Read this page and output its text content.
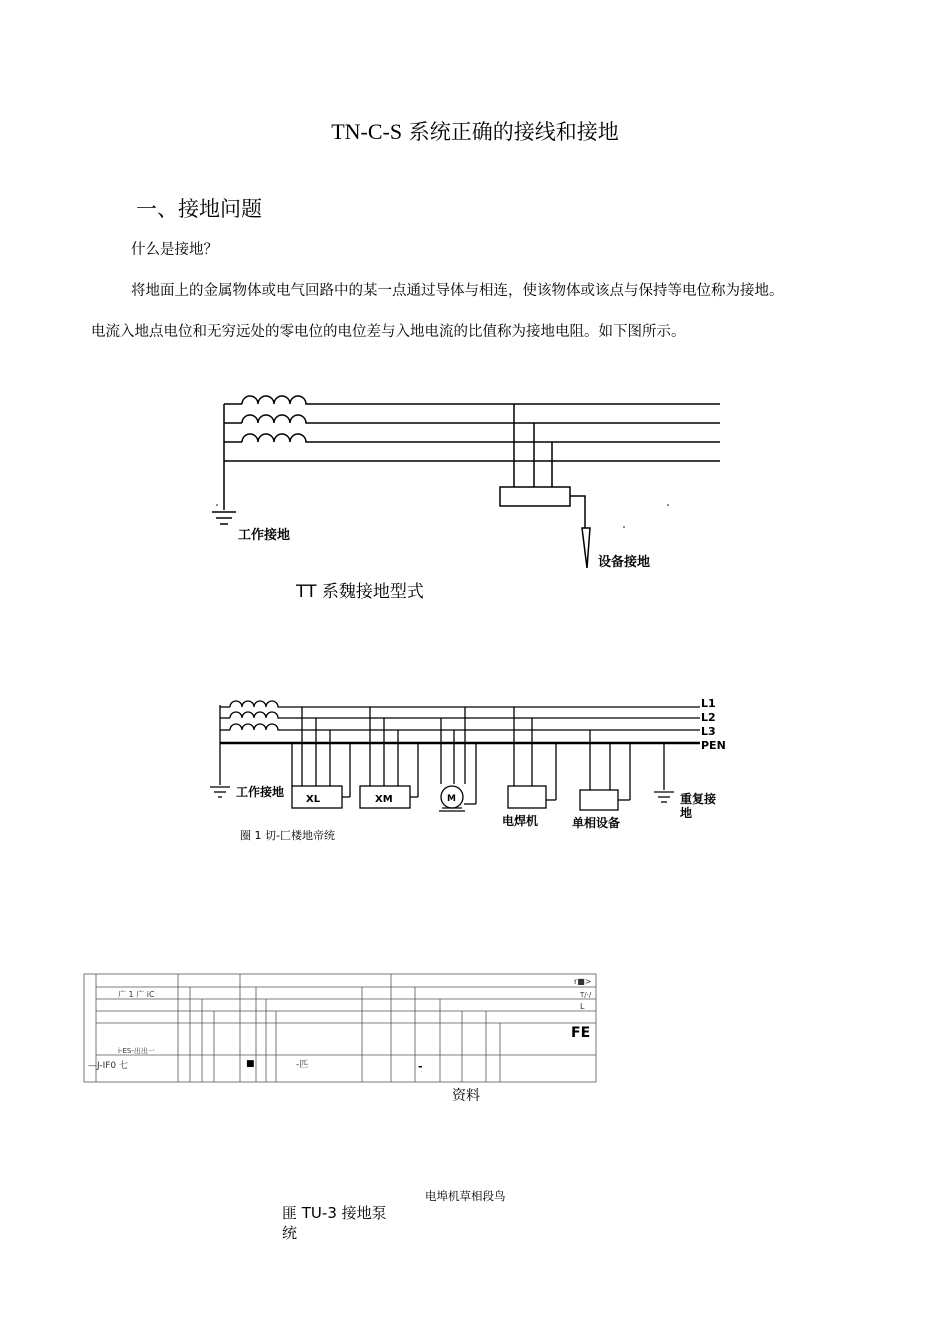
TN-C-S 系统正确的接线和接地
一、接地问题
什么是接地？
将地面上的金属物体或电气回路中的某一点通过导体与相连，使该物体或该点与保持等电位称为接地。
电流入地点电位和无穷远处的零电位的电位差与入地电流的比值称为接地电阻。如下图所示。
工作接地
设备接地
TT 系魏接地型式
L1
L2
L3
PEN
XL	XM	M
工作接地
电焊机	单相设备
重复接
地
圈 1 切-匚楼地帝统
r■>
广 1 广 iC	T/·/
L
FE
i-ES-出出一
—J-IF0 七	■	-匹	-
资料
电埠机草相段鸟
匪 TU-3 接地泵
统
